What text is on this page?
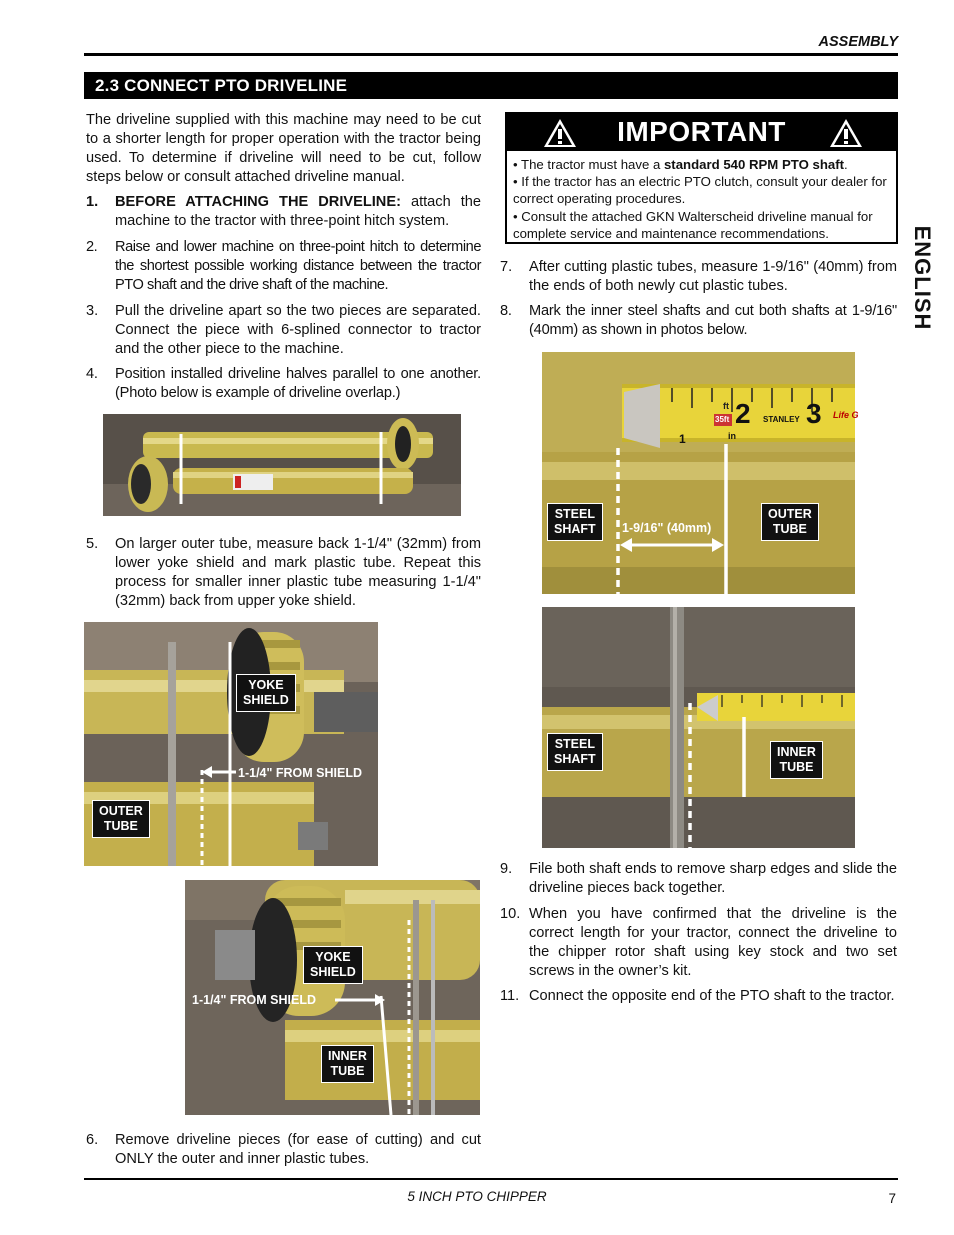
ASSEMBLY
2.3 CONNECT PTO DRIVELINE
ENGLISH
The driveline supplied with this machine may need to be cut to a shorter length for proper operation with the tractor being used. To determine if driveline will need to be cut, follow steps below or consult attached driveline manual.
1. BEFORE ATTACHING THE DRIVELINE: attach the machine to the tractor with three-point hitch system.
2. Raise and lower machine on three-point hitch to determine the shortest possible working distance between the tractor PTO shaft and the drive shaft of the machine.
3. Pull the driveline apart so the two pieces are separated. Connect the piece with 6-splined connector to tractor and the other piece to the machine.
4. Position installed driveline halves parallel to one another. (Photo below is example of driveline overlap.)
5. On larger outer tube, measure back 1-1/4" (32mm) from lower yoke shield and mark plastic tube. Repeat this process for smaller inner plastic tube measuring 1-1/4" (32mm) back from upper yoke shield.
YOKE
SHIELD
1-1/4" FROM SHIELD
OUTER
TUBE
YOKE
SHIELD
1-1/4" FROM SHIELD
INNER
TUBE
6. Remove driveline pieces (for ease of cutting) and cut ONLY the outer and inner plastic tubes.
IMPORTANT
• The tractor must have a standard 540 RPM PTO shaft.
• If the tractor has an electric PTO clutch, consult your dealer for correct operating procedures.
• Consult the attached GKN Walterscheid driveline manual for complete service and maintenance recommendations.
7. After cutting plastic tubes, measure 1-9/16" (40mm) from the ends of both newly cut plastic tubes.
8. Mark the inner steel shafts and cut both shafts at 1-9/16" (40mm) as shown in photos below.
ft 2 3
STANLEY
35ft	Life G
in
1
STEEL
SHAFT	1-9/16" (40mm)
OUTER
TUBE
STEEL
SHAFT	INNER
TUBE
9. File both shaft ends to remove sharp edges and slide the driveline pieces back together.
10. When you have confirmed that the driveline is the correct length for your tractor, connect the driveline to the chipper rotor shaft using key stock and two set screws in the owner’s kit.
11. Connect the opposite end of the PTO shaft to the tractor.
5 INCH PTO CHIPPER	7
